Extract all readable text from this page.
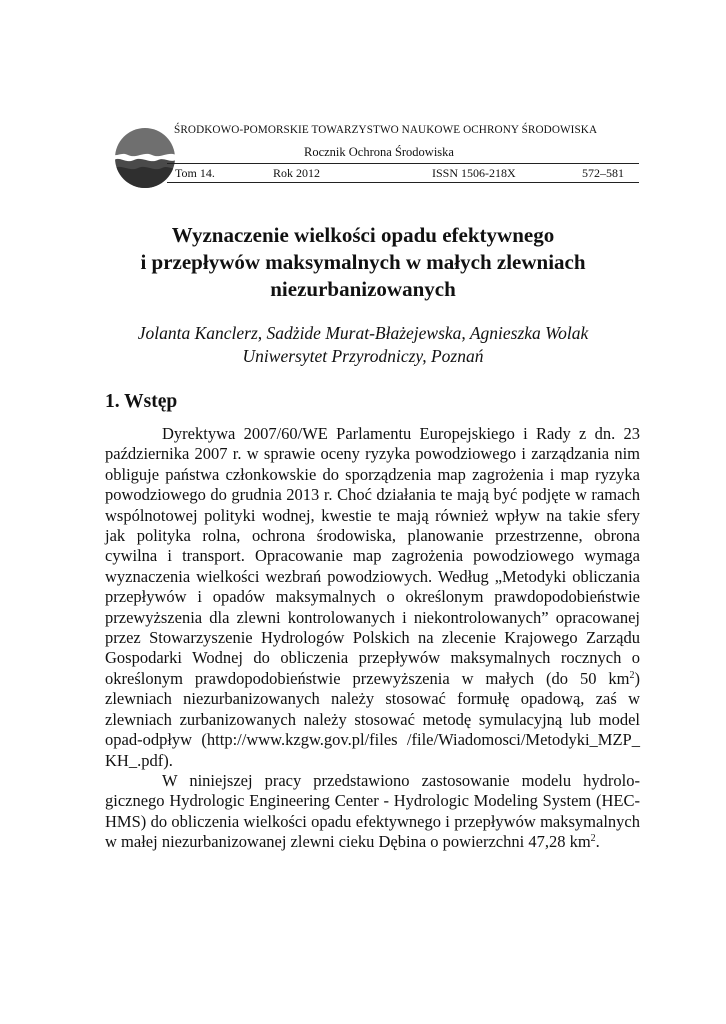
ŚRODKOWO-POMORSKIE TOWARZYSTWO NAUKOWE OCHRONY ŚRODOWISKA
Rocznik Ochrona Środowiska
Tom 14.	Rok 2012	ISSN 1506-218X	572–581
Wyznaczenie wielkości opadu efektywnego
i przepływów maksymalnych w małych zlewniach
niezurbanizowanych
Jolanta Kanclerz, Sadżide Murat-Błażejewska, Agnieszka Wolak
Uniwersytet Przyrodniczy, Poznań
1. Wstęp

Dyrektywa 2007/60/WE Parlamentu Europejskiego i Rady z dn. 23 października 2007 r. w sprawie oceny ryzyka powodziowego i zarządzania nim obliguje państwa członkowskie do sporządzenia map zagrożenia i map ryzyka powodziowego do grudnia 2013 r. Choć działania te mają być podjęte w ramach wspólnotowej polityki wodnej, kwestie te mają również wpływ na takie sfery jak polityka rolna, ochrona środowiska, planowanie przestrzenne, obrona cywilna i transport. Opracowanie map zagrożenia powodziowego wymaga wyznaczenia wielkości wezbrań powodziowych. Według „Metodyki obliczania przepływów i opadów maksymalnych o określonym prawdopodobieństwie przewyższenia dla zlewni kontrolowanych i niekontrolowanych” opracowanej przez Stowarzyszenie Hydrologów Polskich na zlecenie Krajowego Zarządu Gospodarki Wodnej do obliczenia przepływów maksymalnych rocznych o określonym prawdopodobieństwie przewyższenia w małych (do 50 $km^2$) zlewniach niezurbanizowanych należy stosować formułę opadową, zaś w zlewniach zurbanizowanych należy stosować metodę symulacyjną lub model opad-odpływ (http://www.kzgw.gov.pl/files /file/Wiadomosci/Metodyki_MZP_ KH_.pdf).

W niniejszej pracy przedstawiono zastosowanie modelu hydrologicznego Hydrologic Engineering Center - Hydrologic Modeling System (HEC-HMS) do obliczenia wielkości opadu efektywnego i przepływów maksymalnych w małej niezurbanizowanej zlewni cieku Dębina o powierzchni 47,28 $km^2$.
